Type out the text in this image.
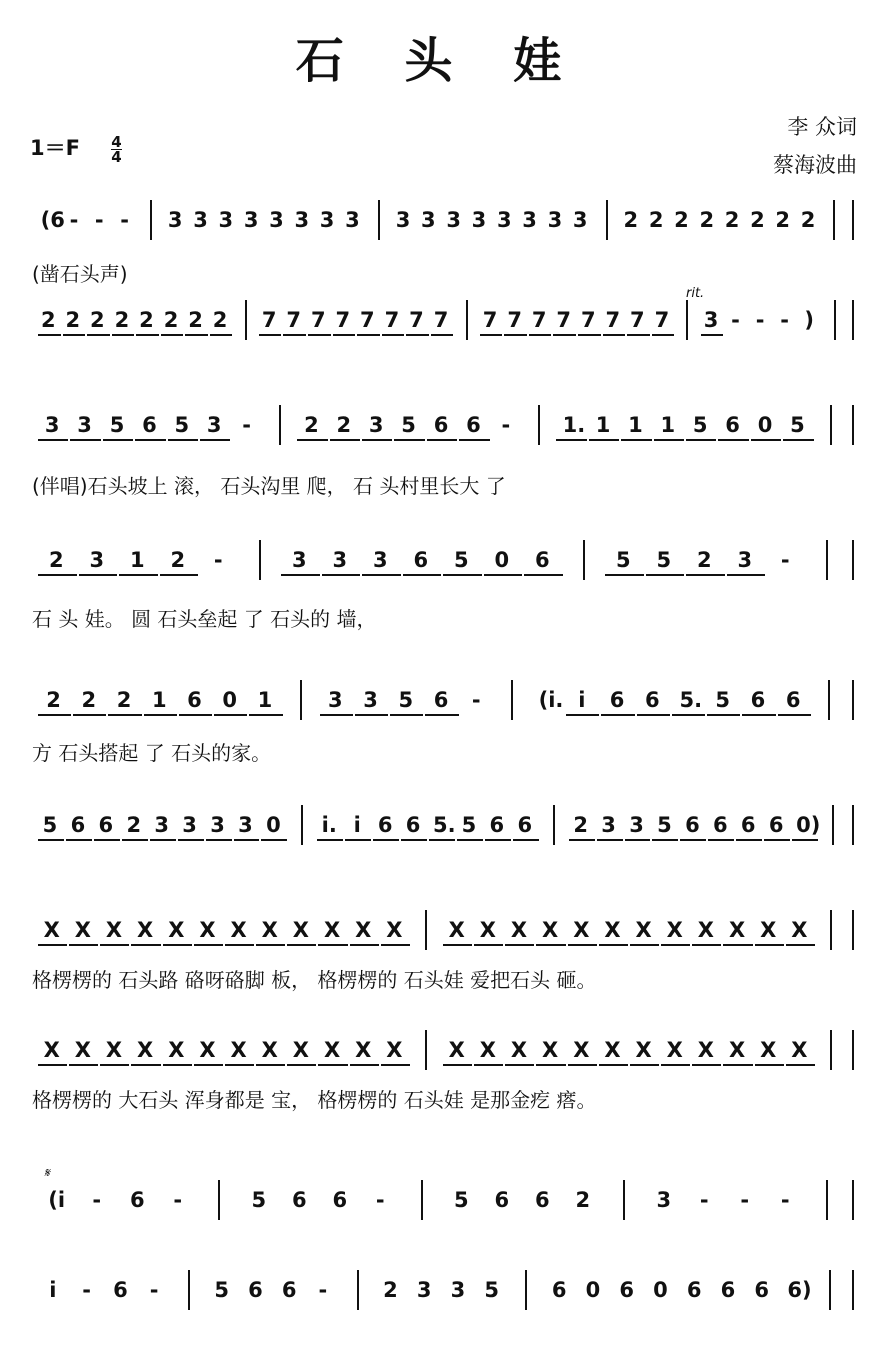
石 头 娃
$1=F \frac{4}{4}$
李 众词
蔡海波曲
(6 - - - 3 3 3 3 3 3 3 3 3 3 3 3 3 3 3 3 2 2 2 2 2 2 2 2
(凿石头声)
2 2 2 2 2 2 2 2 7 7 7 7 7 7 7 7 7 7 7 7 7 7 7 7 3 - - - )
rit.
3 3 5 6 5 3 -	2 2 3 5 6 6 - 1. 1 1 1 5 6 0 5
(伴唱)石头坡上 滚， 石头沟里 爬， 石 头村里长大 了
2 3 1 2 -	3 3 3 6 5 0 6	5 5 2 3 -
石 头 娃。 圆 石头垒起 了 石头的 墙，
2 2 2 1 6 0 1	3 3 5 6 -	(i. i 6 6 5. 5 6 6
方 石头搭起 了 石头的家。
5 6 6 2 3 3 3 3 0 i. i 6 6 5. 5 6 6 2 3 3 5 6 6 6 6 0)
X X X X X X X X X X X X X X X X X X X X X X X X
格楞楞的 石头路 硌呀硌脚 板， 格楞楞的 石头娃 爱把石头 砸。
X X X X X X X X X X X X X X X X X X X X X X X X
格楞楞的 大石头 浑身都是 宝， 格楞楞的 石头娃 是那金疙 瘩。
(i - 6 -	5 6 6 -	5 6 6 2	3 - - -
𝄋
i - 6 -	5 6 6 -	2 3 3 5	6 0 6 0 6 6 6 6)
